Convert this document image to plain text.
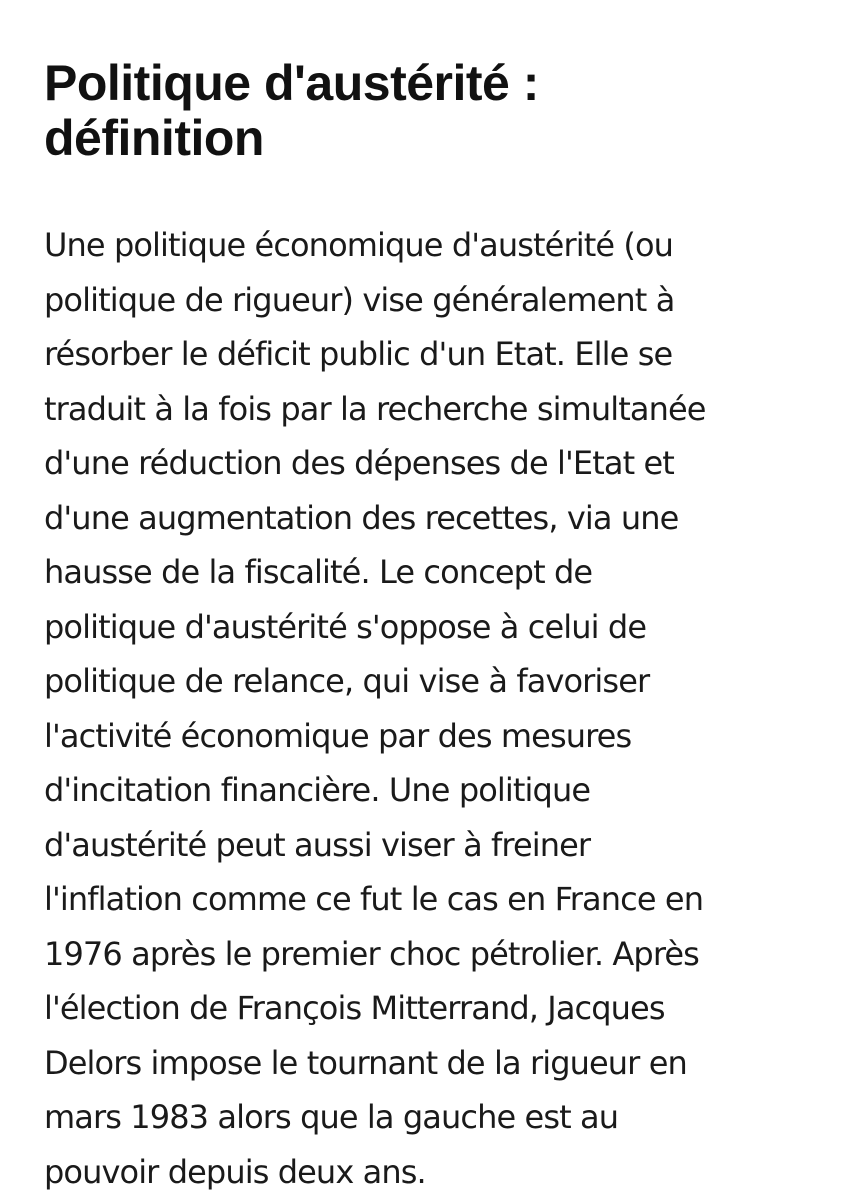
Politique d'austérité :
définition

Une politique économique d'austérité (ou
politique de rigueur) vise généralement à
résorber le déficit public d'un Etat. Elle se
traduit à la fois par la recherche simultanée
d'une réduction des dépenses de l'Etat et
d'une augmentation des recettes, via une
hausse de la fiscalité. Le concept de
politique d'austérité s'oppose à celui de
politique de relance, qui vise à favoriser
l'activité économique par des mesures
d'incitation financière. Une politique
d'austérité peut aussi viser à freiner
l'inflation comme ce fut le cas en France en
1976 après le premier choc pétrolier. Après
l'élection de François Mitterrand, Jacques
Delors impose le tournant de la rigueur en
mars 1983 alors que la gauche est au
pouvoir depuis deux ans.
